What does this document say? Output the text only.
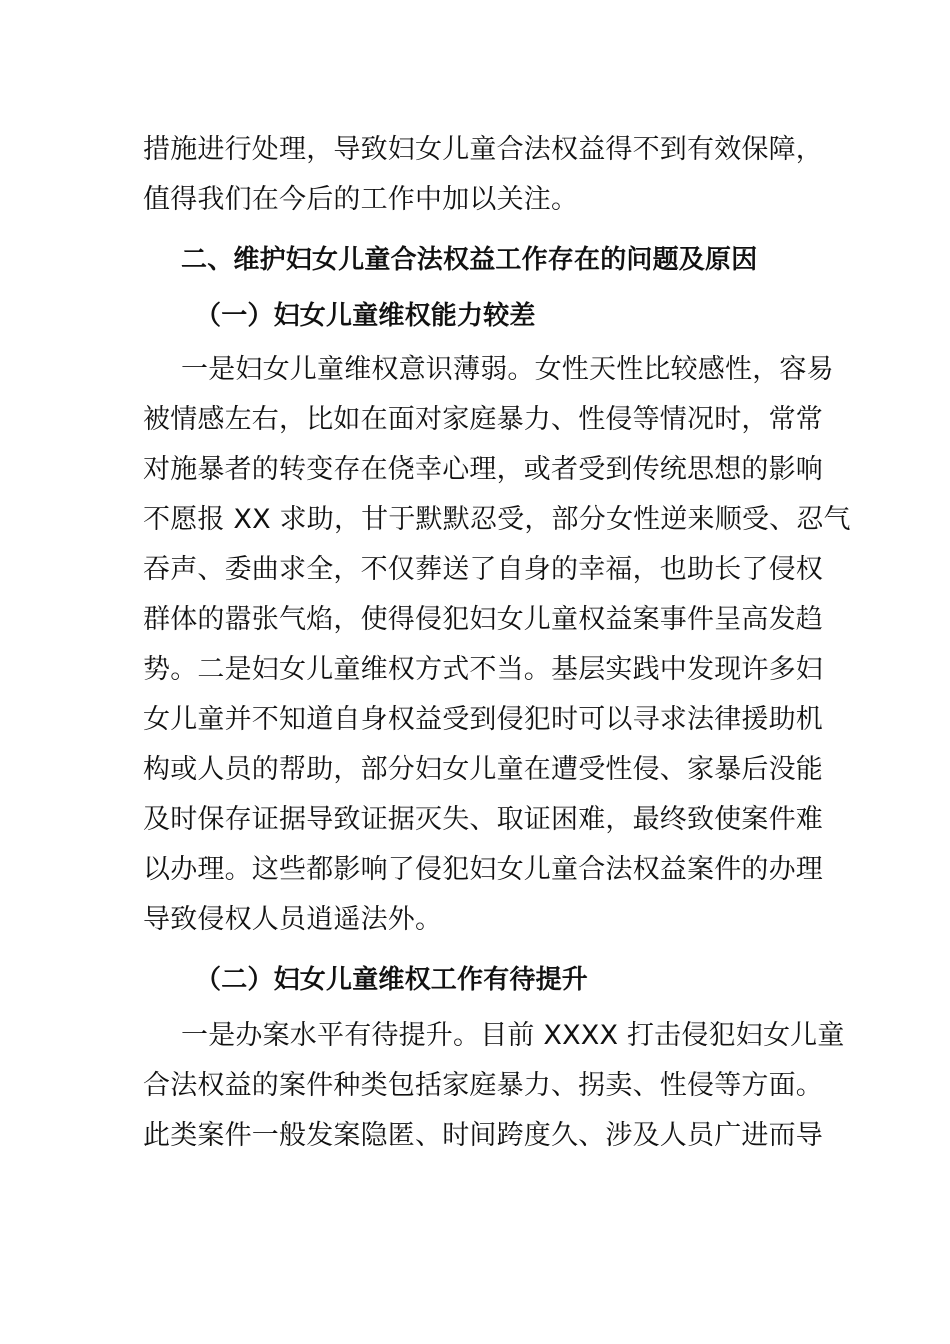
措施进行处理，导致妇女儿童合法权益得不到有效保障，
值得我们在今后的工作中加以关注。
二、维护妇女儿童合法权益工作存在的问题及原因
（一）妇女儿童维权能力较差
一是妇女儿童维权意识薄弱。女性天性比较感性，容易
被情感左右，比如在面对家庭暴力、性侵等情况时，常常
对施暴者的转变存在侥幸心理，或者受到传统思想的影响
不愿报 XX 求助，甘于默默忍受，部分女性逆来顺受、忍气
吞声、委曲求全，不仅葬送了自身的幸福，也助长了侵权
群体的嚣张气焰，使得侵犯妇女儿童权益案事件呈高发趋
势。二是妇女儿童维权方式不当。基层实践中发现许多妇
女儿童并不知道自身权益受到侵犯时可以寻求法律援助机
构或人员的帮助，部分妇女儿童在遭受性侵、家暴后没能
及时保存证据导致证据灭失、取证困难，最终致使案件难
以办理。这些都影响了侵犯妇女儿童合法权益案件的办理
导致侵权人员逍遥法外。
（二）妇女儿童维权工作有待提升
一是办案水平有待提升。目前 XXXX 打击侵犯妇女儿童
合法权益的案件种类包括家庭暴力、拐卖、性侵等方面。
此类案件一般发案隐匿、时间跨度久、涉及人员广进而导
